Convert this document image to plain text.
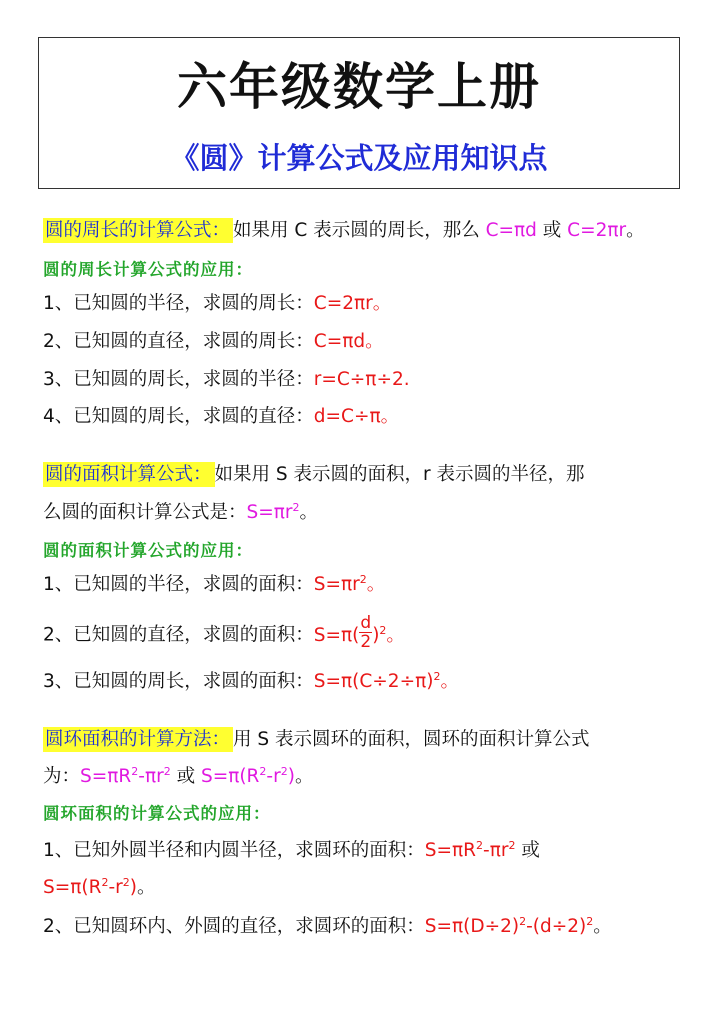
六年级数学上册
《圆》计算公式及应用知识点
圆的周长的计算公式： 如果用 C 表示圆的周长，那么 C=πd 或 C=2πr。
圆的周长计算公式的应用：
1、已知圆的半径，求圆的周长：C=2πr。
2、已知圆的直径，求圆的周长：C=πd。
3、已知圆的周长，求圆的半径：r=C÷π÷2.
4、已知圆的周长，求圆的直径：d=C÷π。
圆的面积计算公式： 如果用 S 表示圆的面积，r 表示圆的半径，那
么圆的面积计算公式是：$S=\pi r^2$。
圆的面积计算公式的应用：
1、已知圆的半径，求圆的面积：$S=\pi r^2$。
2、已知圆的直径，求圆的面积：$S=\pi( \frac{d}{2} )^2$。
3、已知圆的周长，求圆的面积：$S=\pi(C\div 2\div\pi)^2$。
圆环面积的计算方法： 用 S 表示圆环的面积，圆环的面积计算公式
为：$S=\pi R^2-\pi r^2$ 或 $S=\pi(R^2-r^2)$。
圆环面积的计算公式的应用：
1、已知外圆半径和内圆半径，求圆环的面积：$S=\pi R^2-\pi r^2$ 或
$S=\pi(R^2-r^2)$。
2、已知圆环内、外圆的直径，求圆环的面积：$S=\pi(D\div 2)^2-(d\div 2)^2$。
